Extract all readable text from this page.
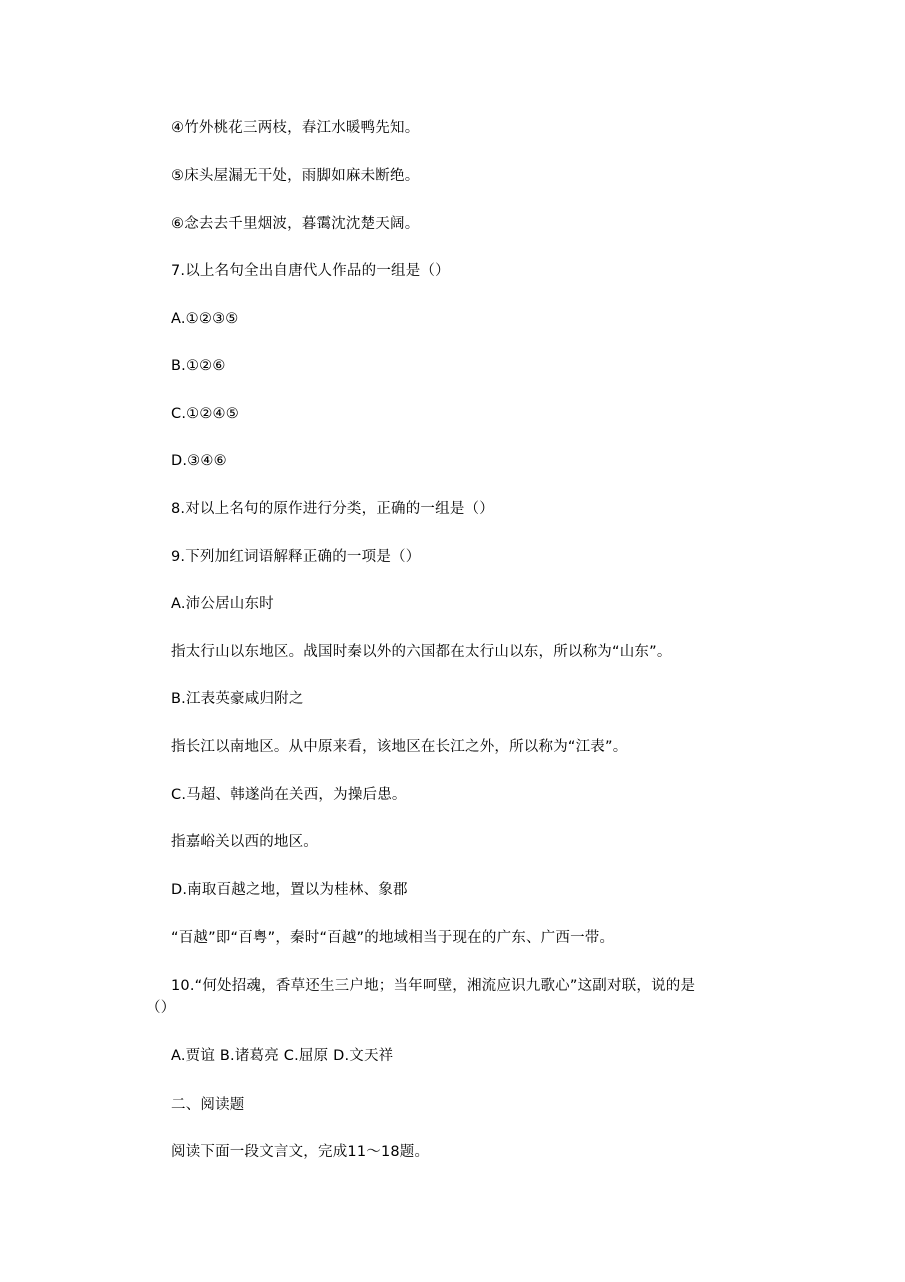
④竹外桃花三两枝，春江水暖鸭先知。
⑤床头屋漏无干处，雨脚如麻未断绝。
⑥念去去千里烟波，暮霭沈沈楚天阔。
7.以上名句全出自唐代人作品的一组是（）
A.①②③⑤
B.①②⑥
C.①②④⑤
D.③④⑥
8.对以上名句的原作进行分类，正确的一组是（）
9.下列加红词语解释正确的一项是（）
A.沛公居山东时
指太行山以东地区。战国时秦以外的六国都在太行山以东，所以称为“山东”。
B.江表英豪咸归附之
指长江以南地区。从中原来看，该地区在长江之外，所以称为“江表”。
C.马超、韩遂尚在关西，为操后患。
指嘉峪关以西的地区。
D.南取百越之地，置以为桂林、象郡
“百越”即“百粤”，秦时“百越”的地域相当于现在的广东、广西一带。
10.“何处招魂，香草还生三户地；当年呵壁，湘流应识九歌心”这副对联，说的是
（）
A.贾谊 B.诸葛亮 C.屈原 D.文天祥
二、阅读题
阅读下面一段文言文，完成11～18题。
